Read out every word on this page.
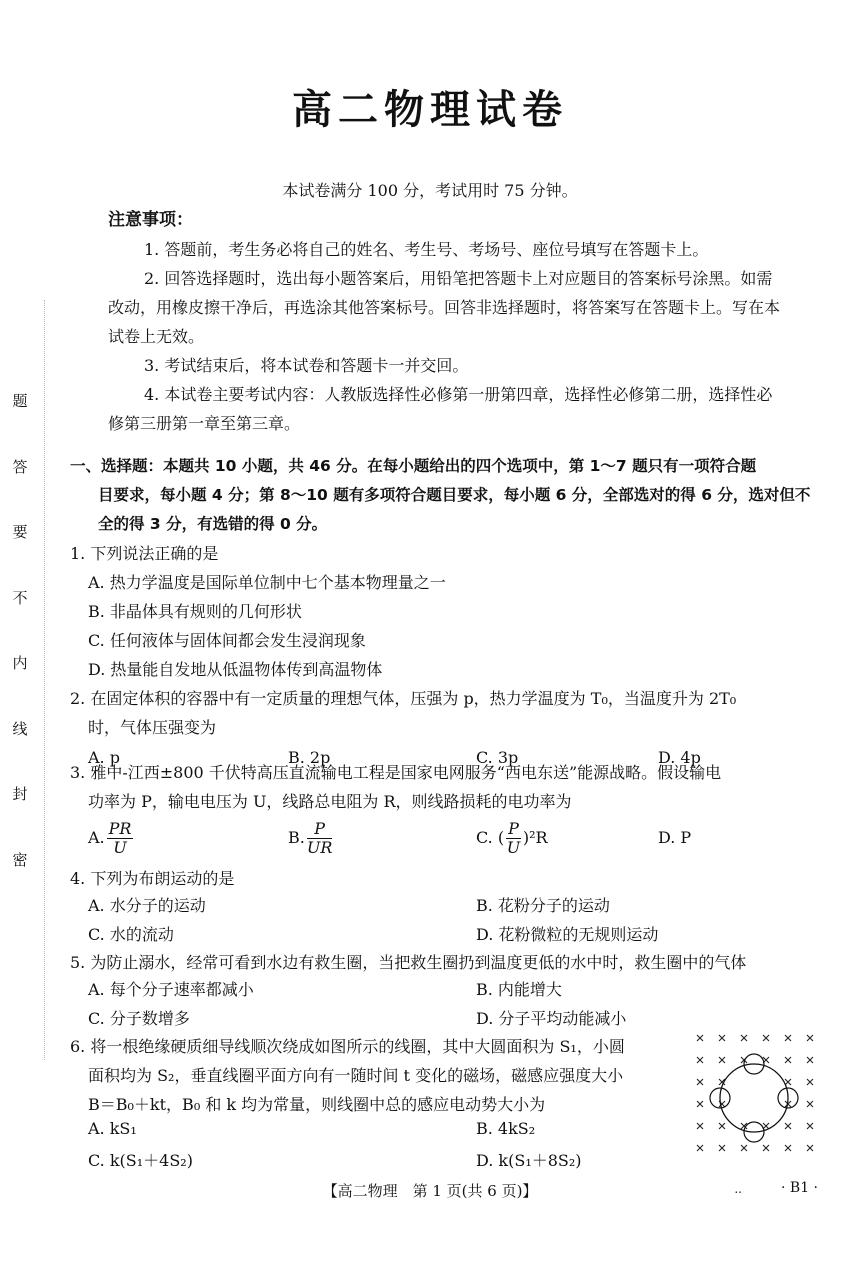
高二物理试卷
本试卷满分 100 分，考试用时 75 分钟。
注意事项：

1. 答题前，考生务必将自己的姓名、考生号、考场号、座位号填写在答题卡上。

2. 回答选择题时，选出每小题答案后，用铅笔把答题卡上对应题目的答案标号涂黑。如需改动，用橡皮擦干净后，再选涂其他答案标号。回答非选择题时，将答案写在答题卡上。写在本试卷上无效。

3. 考试结束后，将本试卷和答题卡一并交回。

4. 本试卷主要考试内容：人教版选择性必修第一册第四章，选择性必修第二册，选择性必修第三册第一章至第三章。

题
答
要
不
内
线
封
密
一、选择题：本题共 10 小题，共 46 分。在每小题给出的四个选项中，第 1～7 题只有一项符合题
目要求，每小题 4 分；第 8～10 题有多项符合题目要求，每小题 6 分，全部选对的得 6 分，选对但不全的得 3 分，有选错的得 0 分。

1. 下列说法正确的是

A. 热力学温度是国际单位制中七个基本物理量之一
B. 非晶体具有规则的几何形状
C. 任何液体与固体间都会发生浸润现象
D. 热量能自发地从低温物体传到高温物体

2. 在固定体积的容器中有一定质量的理想气体，压强为 p，热力学温度为 T₀，当温度升为 2T₀

时，气体压强变为
A. p	B. 2p	C. 3p	D. 4p

3. 雅中-江西±800 千伏特高压直流输电工程是国家电网服务“西电东送”能源战略。假设输电

功率为 P，输电电压为 U，线路总电阻为 R，则线路损耗的电功率为
A. $\frac{PR}{U}$	B. $\frac{P}{UR}$	C. ( $\frac{P}{U} )^2R$	D. P

4. 下列为布朗运动的是

A. 水分子的运动	B. 花粉分子的运动
C. 水的流动	D. 花粉微粒的无规则运动

5. 为防止溺水，经常可看到水边有救生圈，当把救生圈扔到温度更低的水中时，救生圈中的气体

A. 每个分子速率都减小	B. 内能增大
C. 分子数增多	D. 分子平均动能减小
6. 将一根绝缘硬质细导线顺次绕成如图所示的线圈，其中大圆面积为 S₁，小圆
面积均为 S₂，垂直线圈平面方向有一随时间 t 变化的磁场，磁感应强度大小
B＝B₀＋kt，B₀ 和 k 均为常量，则线圈中总的感应电动势大小为
A. kS₁	B. 4kS₂
C. k(S₁＋4S₂)	D. k(S₁＋8S₂)
【高二物理　第 1 页(共 6 页)】	..	· B1 ·
